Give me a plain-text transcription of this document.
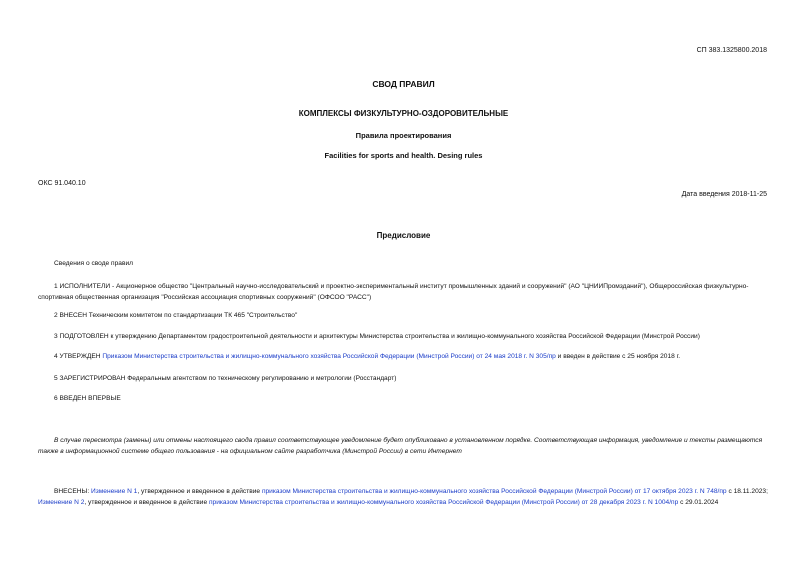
СП 383.1325800.2018
СВОД ПРАВИЛ
КОМПЛЕКСЫ ФИЗКУЛЬТУРНО-ОЗДОРОВИТЕЛЬНЫЕ
Правила проектирования
Facilities for sports and health. Desing rules
ОКС 91.040.10
Дата введения 2018-11-25
Предисловие
Сведения о своде правил
1 ИСПОЛНИТЕЛИ - Акционерное общество "Центральный научно-исследовательский и проектно-экспериментальный институт промышленных зданий и сооружений" (АО "ЦНИИПромзданий"), Общероссийская физкультурно-спортивная общественная организация "Российская ассоциация спортивных сооружений" (ОФСОО "РАСС")
2 ВНЕСЕН Техническим комитетом по стандартизации ТК 465 "Строительство"
3 ПОДГОТОВЛЕН к утверждению Департаментом градостроительной деятельности и архитектуры Министерства строительства и жилищно-коммунального хозяйства Российской Федерации (Минстрой России)
4 УТВЕРЖДЕН Приказом Министерства строительства и жилищно-коммунального хозяйства Российской Федерации (Минстрой России) от 24 мая 2018 г. N 305/пр и введен в действие с 25 ноября 2018 г.
5 ЗАРЕГИСТРИРОВАН Федеральным агентством по техническому регулированию и метрологии (Росстандарт)
6 ВВЕДЕН ВПЕРВЫЕ
В случае пересмотра (замены) или отмены настоящего свода правил соответствующее уведомление будет опубликовано в установленном порядке. Соответствующая информация, уведомление и тексты размещаются также в информационной системе общего пользования - на официальном сайте разработчика (Минстрой России) в сети Интернет
ВНЕСЕНЫ: Изменение N 1, утвержденное и введенное в действие приказом Министерства строительства и жилищно-коммунального хозяйства Российской Федерации (Минстрой России) от 17 октября 2023 г. N 748/пр с 18.11.2023; Изменение N 2, утвержденное и введенное в действие приказом Министерства строительства и жилищно-коммунального хозяйства Российской Федерации (Минстрой России) от 28 декабря 2023 г. N 1004/пр с 29.01.2024
